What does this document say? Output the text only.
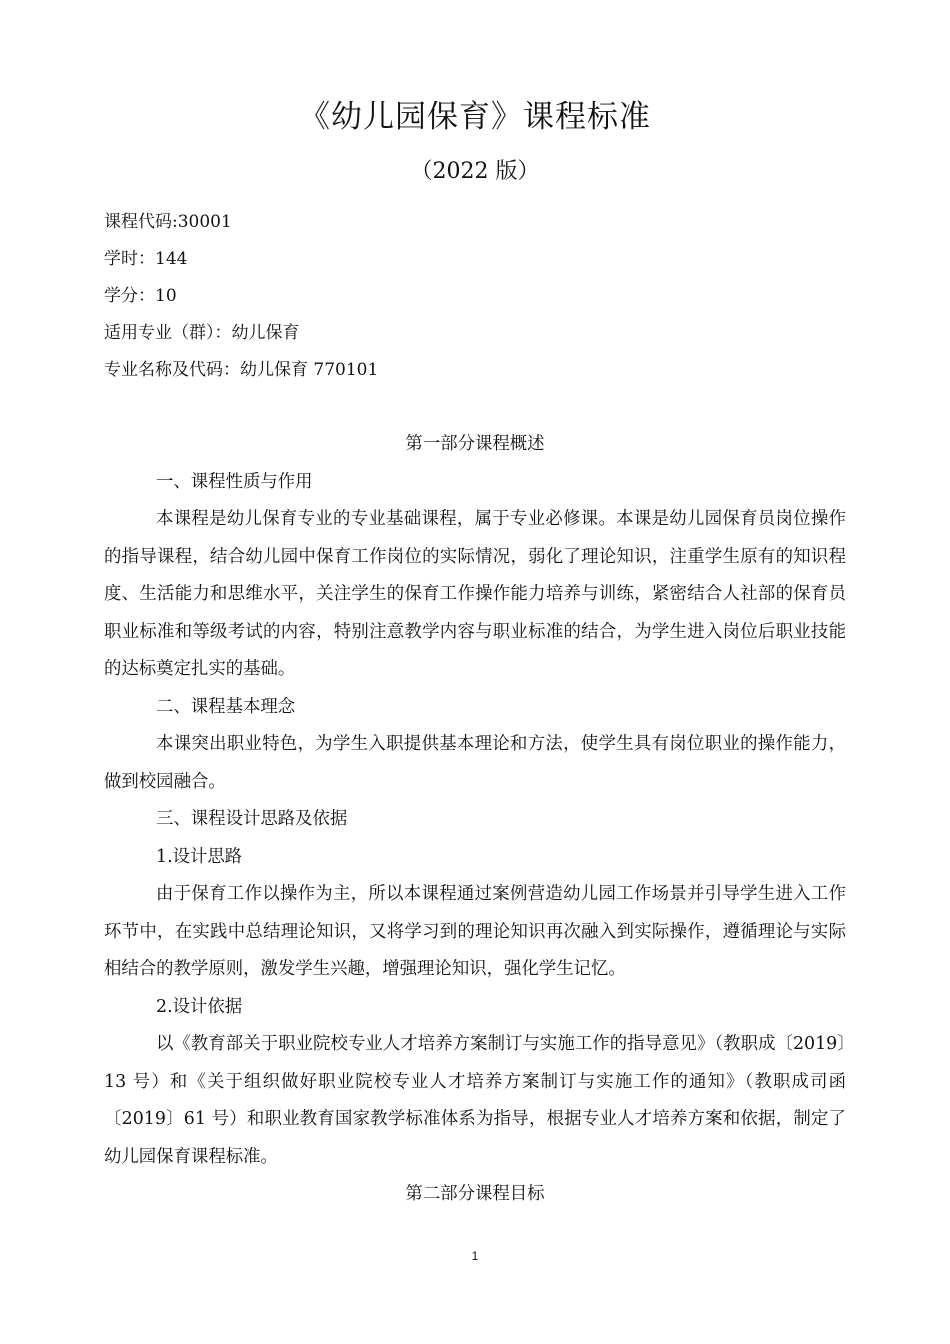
《幼儿园保育》课程标准
（2022 版）
课程代码:30001
学时：144
学分：10
适用专业（群）：幼儿保育
专业名称及代码：幼儿保育 770101

第一部分课程概述

一、课程性质与作用

本课程是幼儿保育专业的专业基础课程，属于专业必修课。本课是幼儿园保育员岗位操作的指导课程，结合幼儿园中保育工作岗位的实际情况，弱化了理论知识，注重学生原有的知识程度、生活能力和思维水平，关注学生的保育工作操作能力培养与训练，紧密结合人社部的保育员职业标准和等级考试的内容，特别注意教学内容与职业标准的结合，为学生进入岗位后职业技能的达标奠定扎实的基础。

二、课程基本理念

本课突出职业特色，为学生入职提供基本理论和方法，使学生具有岗位职业的操作能力，做到校园融合。

三、课程设计思路及依据

1.设计思路

由于保育工作以操作为主，所以本课程通过案例营造幼儿园工作场景并引导学生进入工作环节中，在实践中总结理论知识，又将学习到的理论知识再次融入到实际操作，遵循理论与实际相结合的教学原则，激发学生兴趣，增强理论知识，强化学生记忆。

2.设计依据

以《教育部关于职业院校专业人才培养方案制订与实施工作的指导意见》（教职成〔2019〕13 号）和《关于组织做好职业院校专业人才培养方案制订与实施工作的通知》（教职成司函〔2019〕61 号）和职业教育国家教学标准体系为指导，根据专业人才培养方案和依据，制定了幼儿园保育课程标准。

第二部分课程目标

1
